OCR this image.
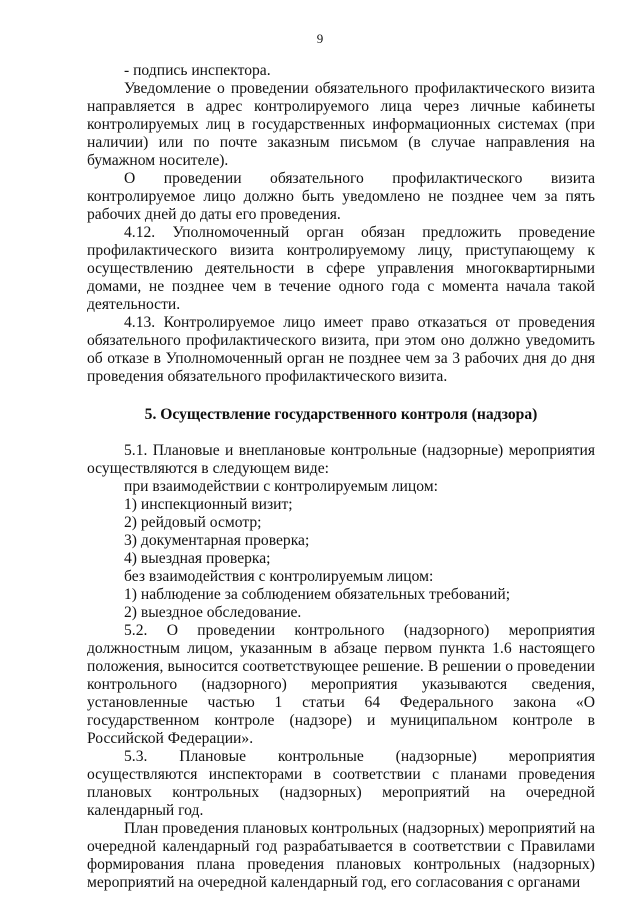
9

- подпись инспектора.

Уведомление о проведении обязательного профилактического визита направляется в адрес контролируемого лица через личные кабинеты контролируемых лиц в государственных информационных системах (при наличии) или по почте заказным письмом (в случае направления на бумажном носителе).

О проведении обязательного профилактического визита контролируемое лицо должно быть уведомлено не позднее чем за пять рабочих дней до даты его проведения.

4.12. Уполномоченный орган обязан предложить проведение профилактического визита контролируемому лицу, приступающему к осуществлению деятельности в сфере управления многоквартирными домами, не позднее чем в течение одного года с момента начала такой деятельности.

4.13. Контролируемое лицо имеет право отказаться от проведения обязательного профилактического визита, при этом оно должно уведомить об отказе в Уполномоченный орган не позднее чем за 3 рабочих дня до дня проведения обязательного профилактического визита.

5. Осуществление государственного контроля (надзора)

5.1. Плановые и внеплановые контрольные (надзорные) мероприятия осуществляются в следующем виде:

при взаимодействии с контролируемым лицом:

1) инспекционный визит;

2) рейдовый осмотр;

3) документарная проверка;

4) выездная проверка;

без взаимодействия с контролируемым лицом:

1) наблюдение за соблюдением обязательных требований;

2) выездное обследование.

5.2. О проведении контрольного (надзорного) мероприятия должностным лицом, указанным в абзаце первом пункта 1.6 настоящего положения, выносится соответствующее решение. В решении о проведении контрольного (надзорного) мероприятия указываются сведения, установленные частью 1 статьи 64 Федерального закона «О государственном контроле (надзоре) и муниципальном контроле в Российской Федерации».

5.3. Плановые контрольные (надзорные) мероприятия осуществляются инспекторами в соответствии с планами проведения плановых контрольных (надзорных) мероприятий на очередной календарный год.

План проведения плановых контрольных (надзорных) мероприятий на очередной календарный год разрабатывается в соответствии с Правилами формирования плана проведения плановых контрольных (надзорных) мероприятий на очередной календарный год, его согласования с органами
